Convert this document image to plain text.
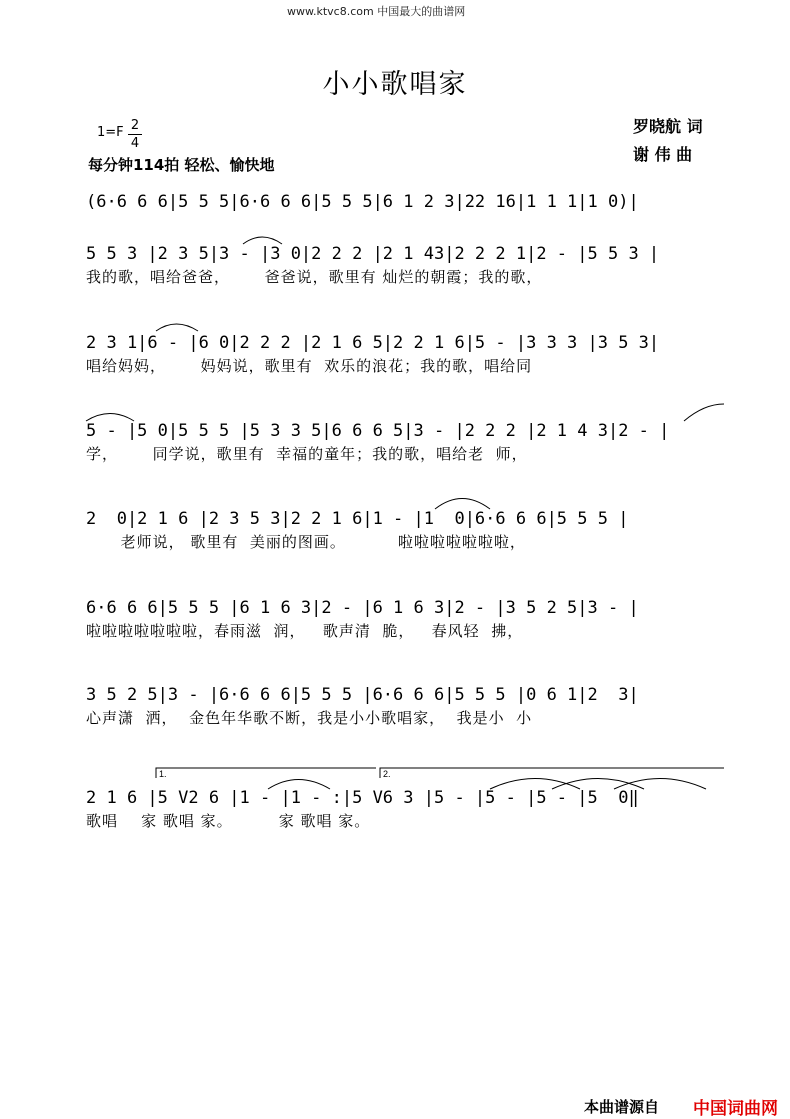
www.ktvc8.com 中国最大的曲谱网
小小歌唱家
1=F 2
4
每分钟114拍 轻松、愉快地
罗晓航 词
谢 伟 曲
(6·6 6 6|5 5 5|6·6 6 6|5 5 5|6 1 2 3|22 16|1 1 1|1 0)|
5 5 3 |2 3 5|3 - |3 0|2 2 2 |2 1 43|2 2 2 1|2 - |5 5 3 |
我的歌，唱给爸爸，      爸爸说，歌里有 灿烂的朝霞；我的歌，
2 3 1|6 - |6 0|2 2 2 |2 1 6 5|2 2 1 6|5 - |3 3 3 |3 5 3|
唱给妈妈，      妈妈说，歌里有  欢乐的浪花；我的歌，唱给同
5 - |5 0|5 5 5 |5 3 3 5|6 6 6 5|3 - |2 2 2 |2 1 4 3|2 - |
学，      同学说，歌里有  幸福的童年；我的歌，唱给老  师，
2  0|2 1 6 |2 3 5 3|2 2 1 6|1 - |1  0|6·6 6 6|5 5 5 |
老师说， 歌里有  美丽的图画。         啦啦啦啦啦啦啦，
6·6 6 6|5 5 5 |6 1 6 3|2 - |6 1 6 3|2 - |3 5 2 5|3 - |
啦啦啦啦啦啦啦，春雨滋  润，   歌声清  脆，   春风轻  拂，
3 5 2 5|3 - |6·6 6 6|5 5 5 |6·6 6 6|5 5 5 |0 6 1|2  3|
心声潇  洒，  金色年华歌不断，我是小小歌唱家，  我是小  小
2 1 6 |5 V2 6 |1 - |1 - :|5 V6 3 |5 - |5 - |5 - |5  0‖
歌唱    家 歌唱 家。        家 歌唱 家。
1.	2.
本曲谱源自 中国词曲网
